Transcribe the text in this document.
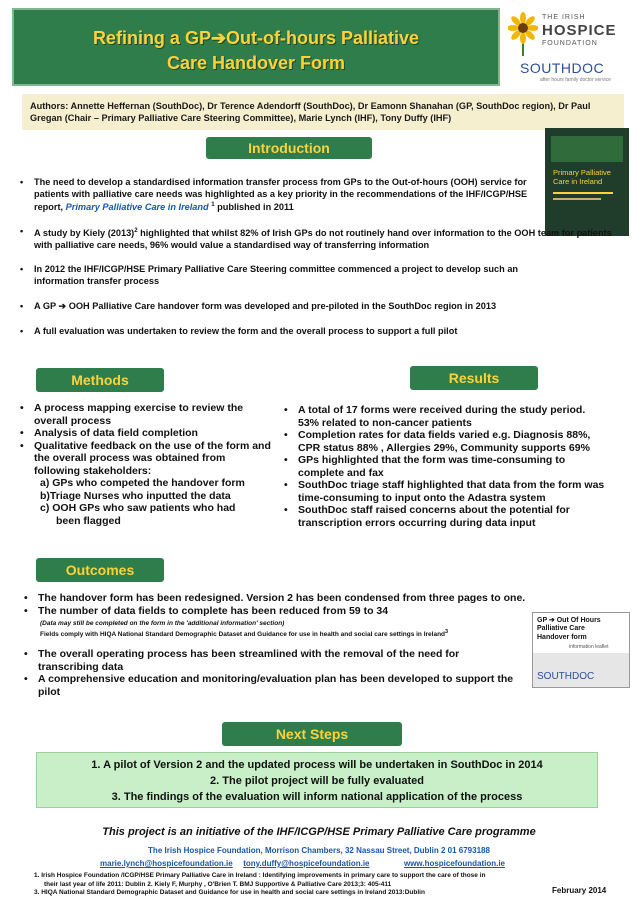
Refining a GP➔Out-of-hours Palliative
Care Handover Form
THE IRISH
HOSPICE
FOUNDATION
SOUTHDOC
after hours family doctor service
Authors: Annette Heffernan (SouthDoc), Dr Terence Adendorff (SouthDoc), Dr Eamonn Shanahan (GP, SouthDoc region), Dr Paul Gregan (Chair – Primary Palliative Care Steering Committee), Marie Lynch (IHF), Tony Duffy (IHF)
Primary Palliative Care in Ireland
Introduction
• The need to develop a standardised information transfer process from GPs to the Out-of-hours (OOH) service for patients with palliative care needs was highlighted as a key priority in the recommendations of the IHF/ICGP/HSE report, Primary Palliative Care in Ireland $^1$ published in 2011
• A study by Kiely $(2013)^2$ highlighted that whilst 82% of Irish GPs do not routinely hand over information to the OOH team for patients with palliative care needs, 96% would value a standardised way of transferring information
• In 2012 the IHF/ICGP/HSE Primary Palliative Care Steering committee commenced a project to develop such an information transfer process
• A GP ➔ OOH Palliative Care handover form was developed and pre-piloted in the SouthDoc region in 2013
• A full evaluation was undertaken to review the form and the overall process to support a full pilot
Methods	Results
• A process mapping exercise to review the overall process
• Analysis of data field completion
• Qualitative feedback on the use of the form and the overall process was obtained from following stakeholders:
a) GPs who competed the handover form
b)Triage Nurses who inputted the data
c) OOH GPs who saw patients who had
been flagged
• A total of 17 forms were received during the study period. 53% related to non-cancer patients
• Completion rates for data fields varied e.g. Diagnosis 88%, CPR status 88% , Allergies 29%, Community supports 69%
• GPs highlighted that the form was time-consuming to complete and fax
• SouthDoc triage staff highlighted that data from the form was time-consuming to input onto the Adastra system
• SouthDoc staff raised concerns about the potential for transcription errors occurring during data input
Outcomes
• The handover form has been redesigned. Version 2 has been condensed from three pages to one.
• The number of data fields to complete has been reduced from 59 to 34
(Data may still be completed on the form in the 'additional information' section)
Fields comply with HIQA National Standard Demographic Dataset and Guidance for use in health and social care settings in Ireland$^3$
• The overall operating process has been streamlined with the removal of the need for transcribing data
• A comprehensive education and monitoring/evaluation plan has been developed to support the pilot
GP ➔ Out Of Hours
Palliative Care
Handover form
information leaflet
SOUTHDOC
Next Steps
1. A pilot of Version 2 and the updated process will be undertaken in SouthDoc in 2014
2. The pilot project will be fully evaluated
3. The findings of the evaluation will inform national application of the process
This project is an initiative of the IHF/ICGP/HSE Primary Palliative Care programme
The Irish Hospice Foundation, Morrison Chambers, 32 Nassau Street, Dublin 2 01 6793188
marie.lynch@hospicefoundation.ie tony.duffy@hospicefoundation.ie	www.hospicefoundation.ie
1. Irish Hospice Foundation /ICGP/HSE Primary Palliative Care in Ireland : Identifying improvements in primary care to support the care of those in
their last year of life 2011: Dublin 2. Kiely F, Murphy , O'Brien T. BMJ Supportive & Palliative Care 2013;3: 405-411
3. HIQA National Standard Demographic Dataset and Guidance for use in health and social care settings in Ireland 2013:Dublin	February 2014
